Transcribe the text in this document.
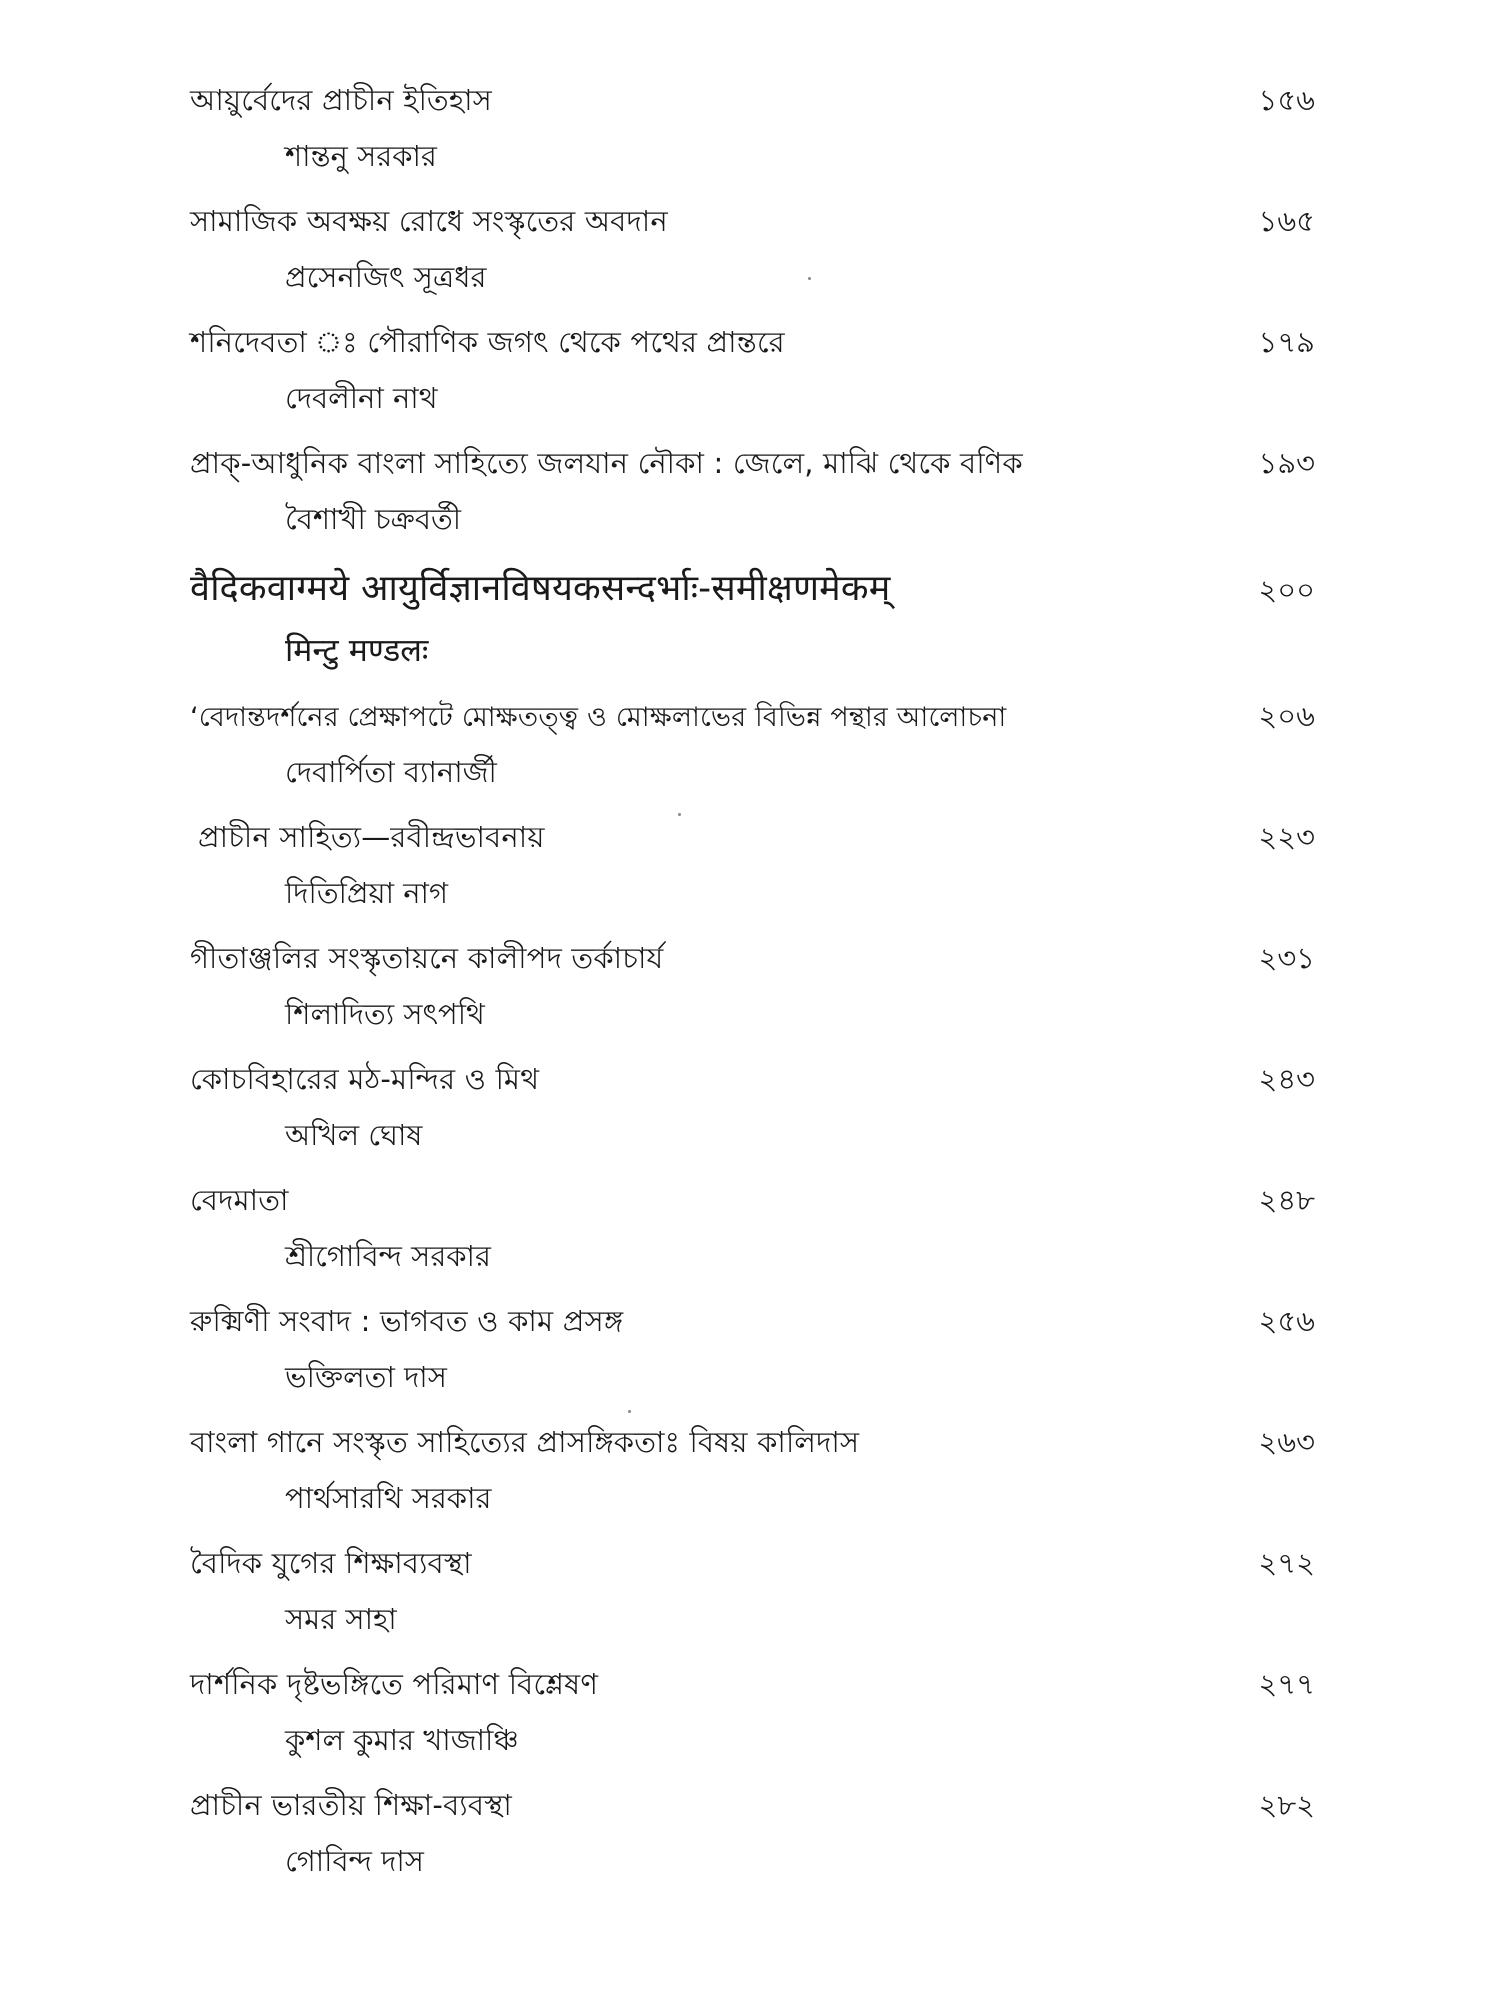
আয়ুর্বেদের প্রাচীন ইতিহাস	১৫৬
শান্তনু সরকার
সামাজিক অবক্ষয় রোধে সংস্কৃতের অবদান	১৬৫
প্রসেনজিৎ সূত্রধর
শনিদেবতা ঃ পৌরাণিক জগৎ থেকে পথের প্রান্তরে	১৭৯
দেবলীনা নাথ
প্রাক্-আধুনিক বাংলা সাহিত্যে জলযান নৌকা : জেলে, মাঝি থেকে বণিক	১৯৩
বৈশাখী চক্রবর্তী
वैदिकवाग्मये आयुर्विज्ञानविषयकसन्दर्भाः-समीक्षणमेकम्	২০০
मिन्टु मण्डलः
‘বেদান্তদর্শনের প্রেক্ষাপটে মোক্ষতত্ত্ব ও মোক্ষলাভের বিভিন্ন পন্থার আলোচনা	২০৬
দেবার্পিতা ব্যানার্জী
প্রাচীন সাহিত্য—রবীন্দ্রভাবনায়	২২৩
দিতিপ্রিয়া নাগ
গীতাঞ্জলির সংস্কৃতায়নে কালীপদ তর্কাচার্য	২৩১
শিলাদিত্য সৎপথি
কোচবিহারের মঠ-মন্দির ও মিথ	২৪৩
অখিল ঘোষ
বেদমাতা	২৪৮
শ্রীগোবিন্দ সরকার
রুক্মিণী সংবাদ : ভাগবত ও কাম প্রসঙ্গ	২৫৬
ভক্তিলতা দাস
বাংলা গানে সংস্কৃত সাহিত্যের প্রাসঙ্গিকতাঃ বিষয় কালিদাস	২৬৩
পার্থসারথি সরকার
বৈদিক যুগের শিক্ষাব্যবস্থা	২৭২
সমর সাহা
দার্শনিক দৃষ্টভঙ্গিতে পরিমাণ বিশ্লেষণ	২৭৭
কুশল কুমার খাজাঞ্চি
প্রাচীন ভারতীয় শিক্ষা-ব্যবস্থা	২৮২
গোবিন্দ দাস
